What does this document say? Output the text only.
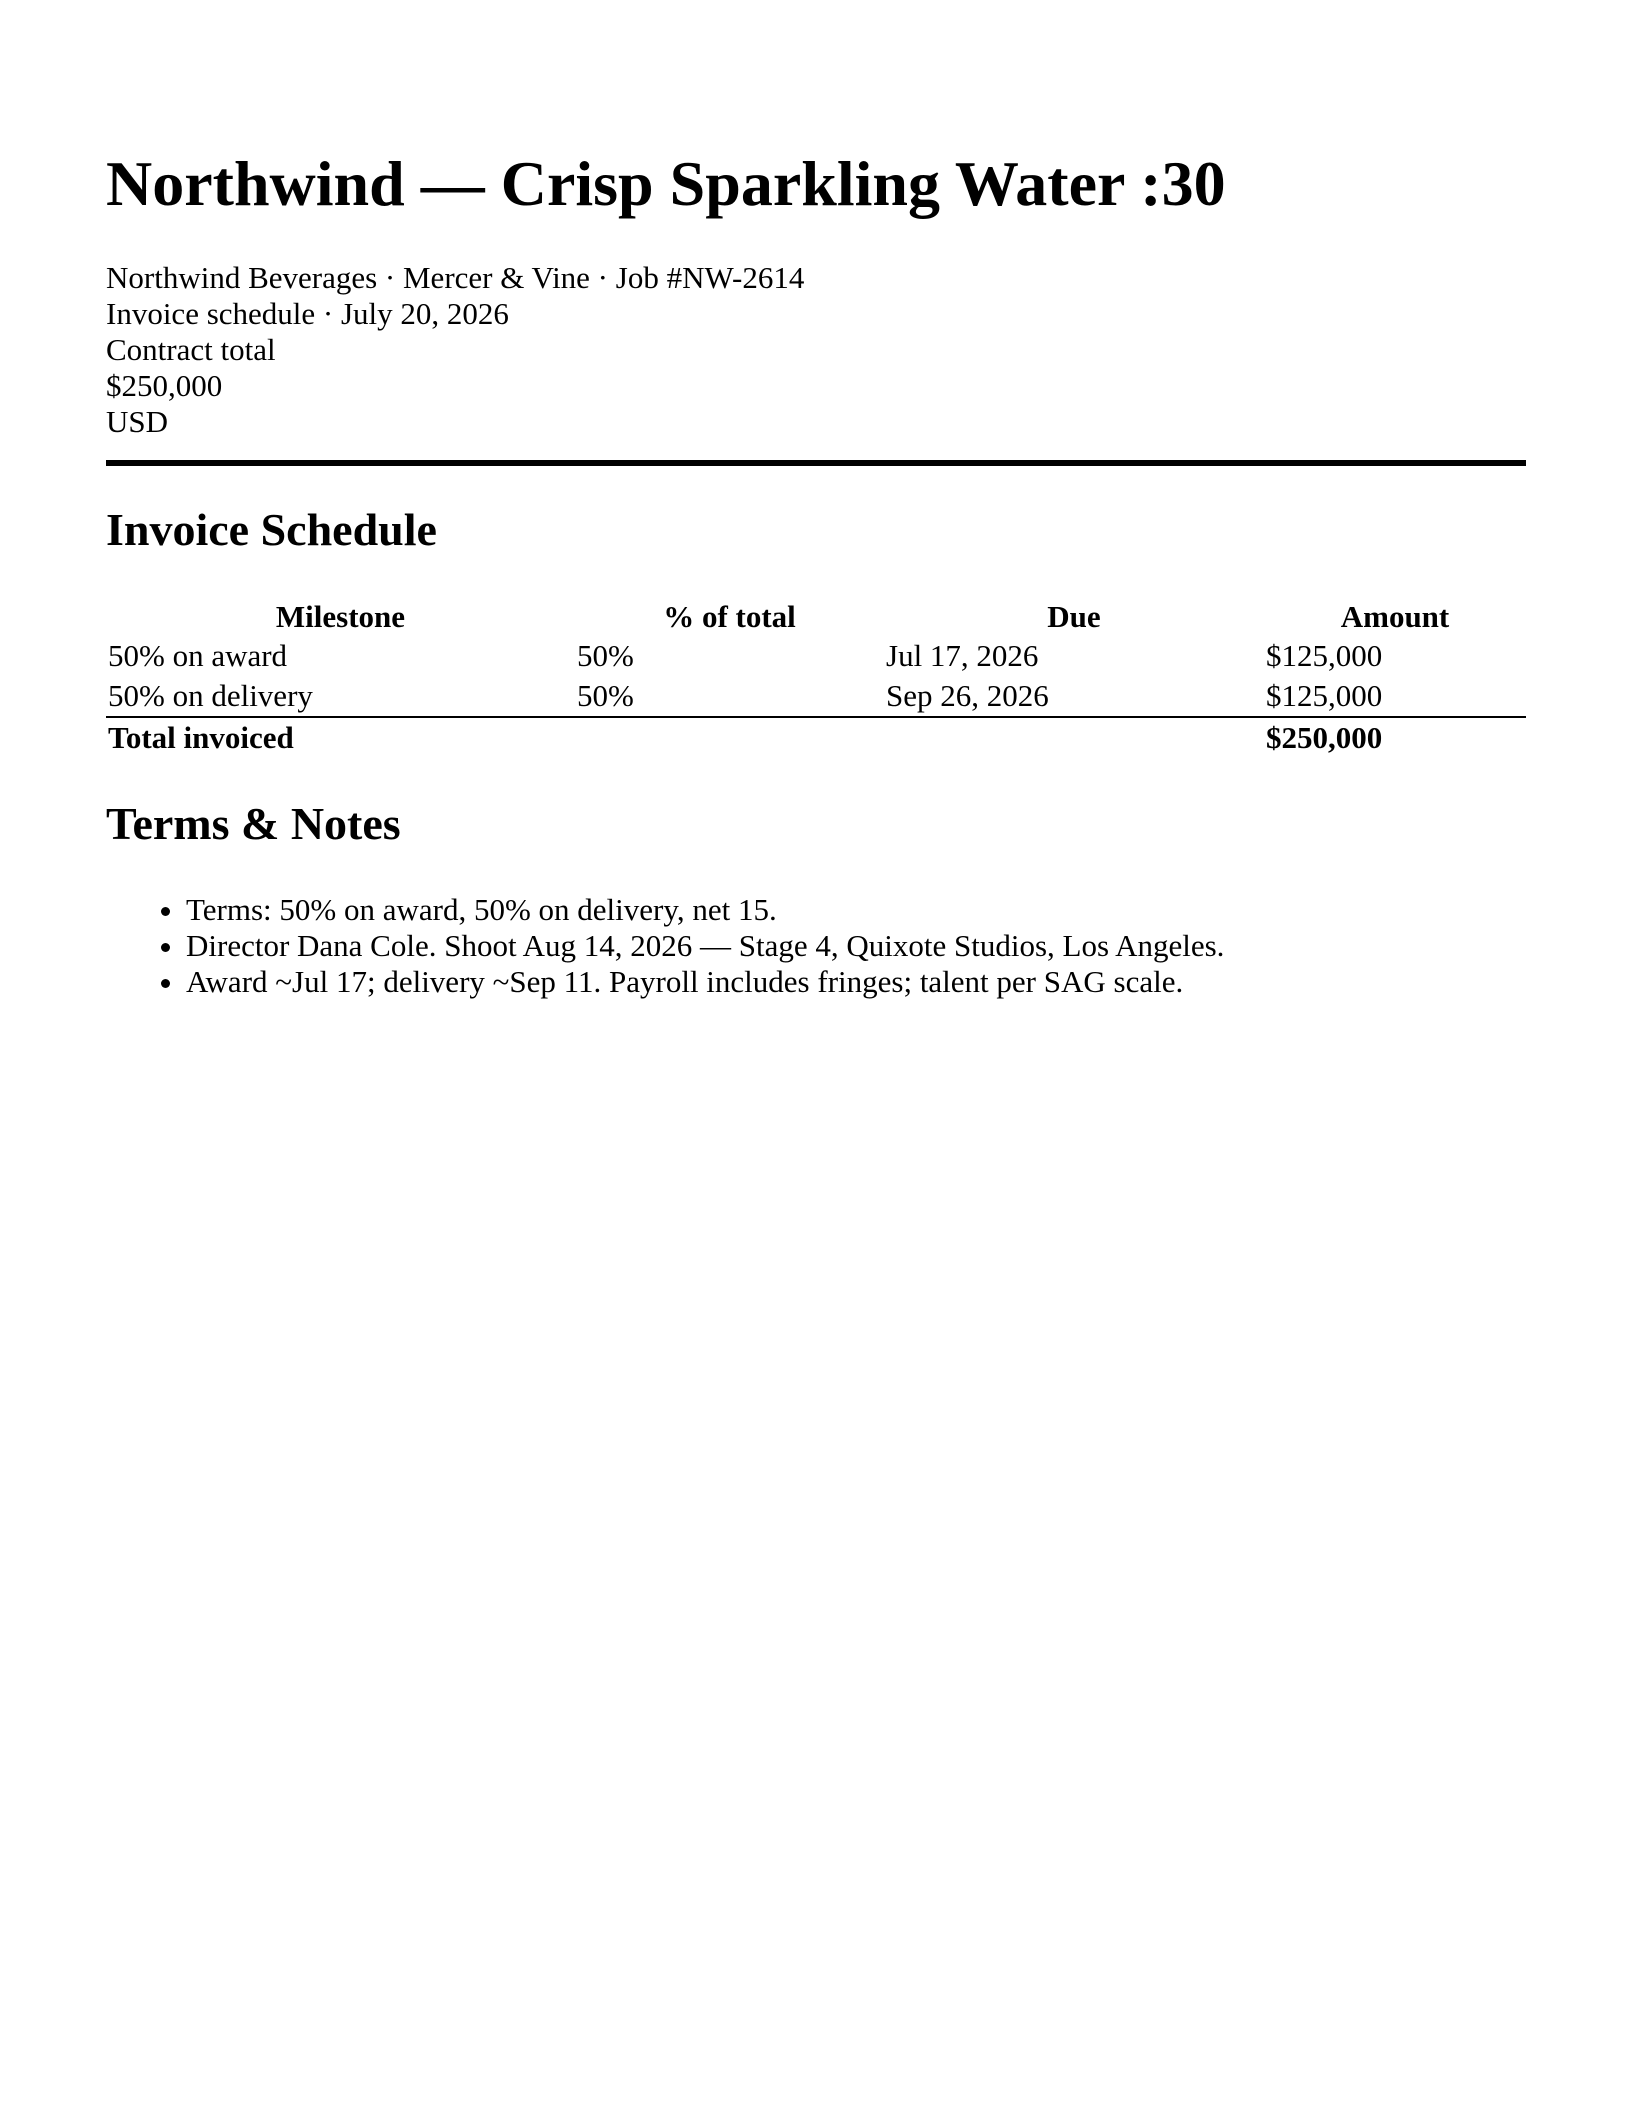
Northwind — Crisp Sparkling Water :30
Northwind Beverages · Mercer & Vine · Job #NW-2614
Invoice schedule · July 20, 2026
Contract total
$250,000
USD
Invoice Schedule
Milestone	% of total	Due	Amount
50% on award	50%	Jul 17, 2026	$125,000
50% on delivery	50%	Sep 26, 2026	$125,000
Total invoiced			$250,000
Terms & Notes
• Terms: 50% on award, 50% on delivery, net 15.
• Director Dana Cole. Shoot Aug 14, 2026 — Stage 4, Quixote Studios, Los Angeles.
• Award ~Jul 17; delivery ~Sep 11. Payroll includes fringes; talent per SAG scale.
